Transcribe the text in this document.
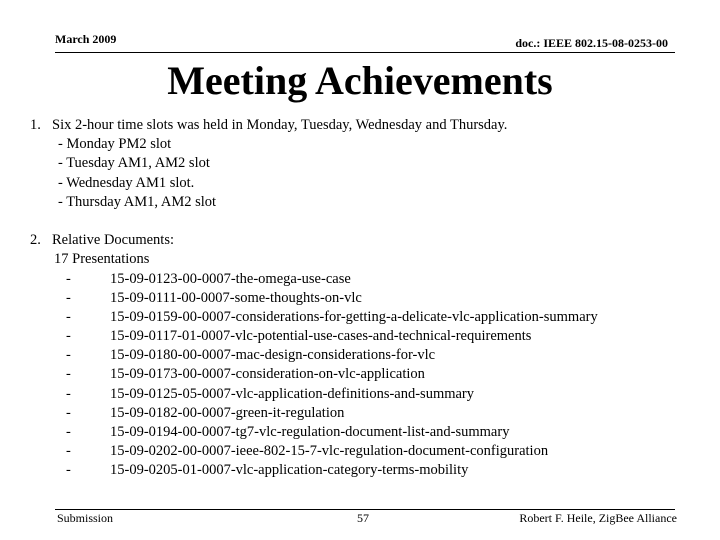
March 2009	doc.: IEEE 802.15-08-0253-00
Meeting Achievements
1. Six 2-hour time slots was held in Monday, Tuesday, Wednesday and Thursday.
- Monday PM2 slot
- Tuesday AM1, AM2 slot
- Wednesday AM1 slot.
- Thursday AM1, AM2 slot
2. Relative Documents:
17 Presentations
-	15-09-0123-00-0007-the-omega-use-case
-	15-09-0111-00-0007-some-thoughts-on-vlc
-	15-09-0159-00-0007-considerations-for-getting-a-delicate-vlc-application-summary
-	15-09-0117-01-0007-vlc-potential-use-cases-and-technical-requirements
-	15-09-0180-00-0007-mac-design-considerations-for-vlc
-	15-09-0173-00-0007-consideration-on-vlc-application
-	15-09-0125-05-0007-vlc-application-definitions-and-summary
-	15-09-0182-00-0007-green-it-regulation
-	15-09-0194-00-0007-tg7-vlc-regulation-document-list-and-summary
-	15-09-0202-00-0007-ieee-802-15-7-vlc-regulation-document-configuration
-	15-09-0205-01-0007-vlc-application-category-terms-mobility
Submission	57	Robert F. Heile, ZigBee Alliance
